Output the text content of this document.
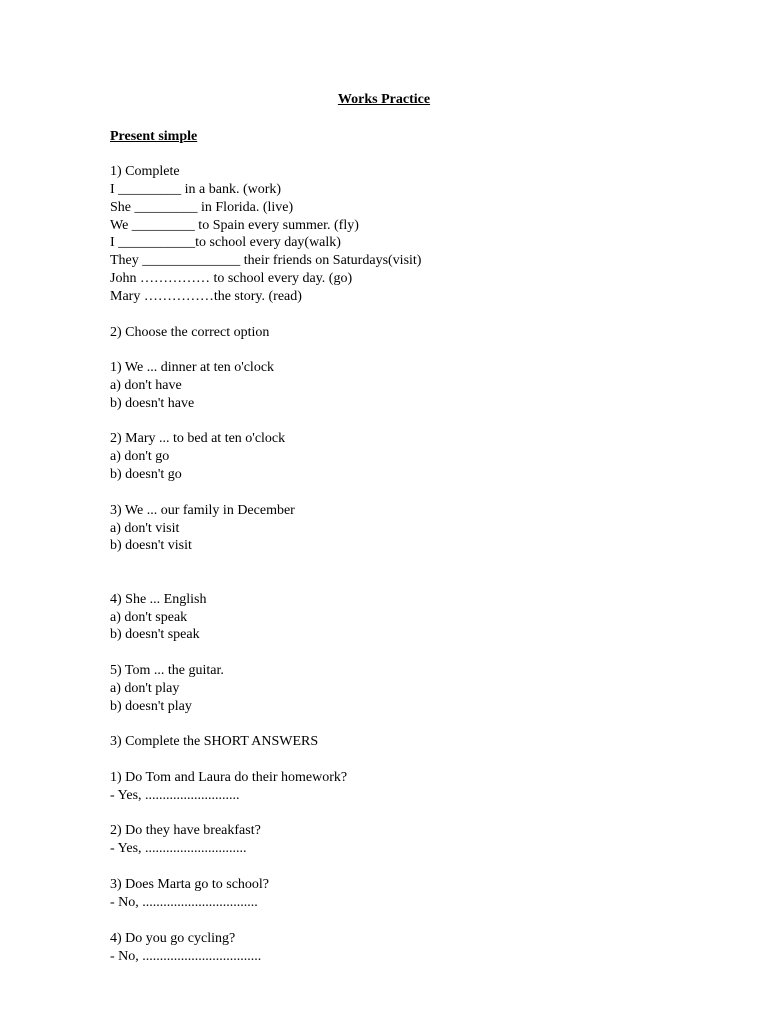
Works Practice
Present simple
1) Complete
I _________ in a bank. (work)
She _________ in Florida. (live)
We _________ to Spain every summer. (fly)
I ___________to school every day(walk)
They ______________ their friends on Saturdays(visit)
John …………… to school every day. (go)
Mary ……………the story. (read)
2) Choose the correct option
1) We ... dinner at ten o'clock
a) don't have
b) doesn't have
2) Mary ... to bed at ten o'clock
a) don't go
b) doesn't go
3) We ... our family in December
a) don't visit
b) doesn't visit
4) She ... English
a) don't speak
b) doesn't speak
5) Tom ... the guitar.
a) don't play
b) doesn't play
3) Complete the SHORT ANSWERS
1) Do Tom and Laura do their homework?
- Yes, ...........................
2) Do they have breakfast?
- Yes, .............................
3) Does Marta go to school?
- No, .................................
4) Do you go cycling?
- No, ..................................
